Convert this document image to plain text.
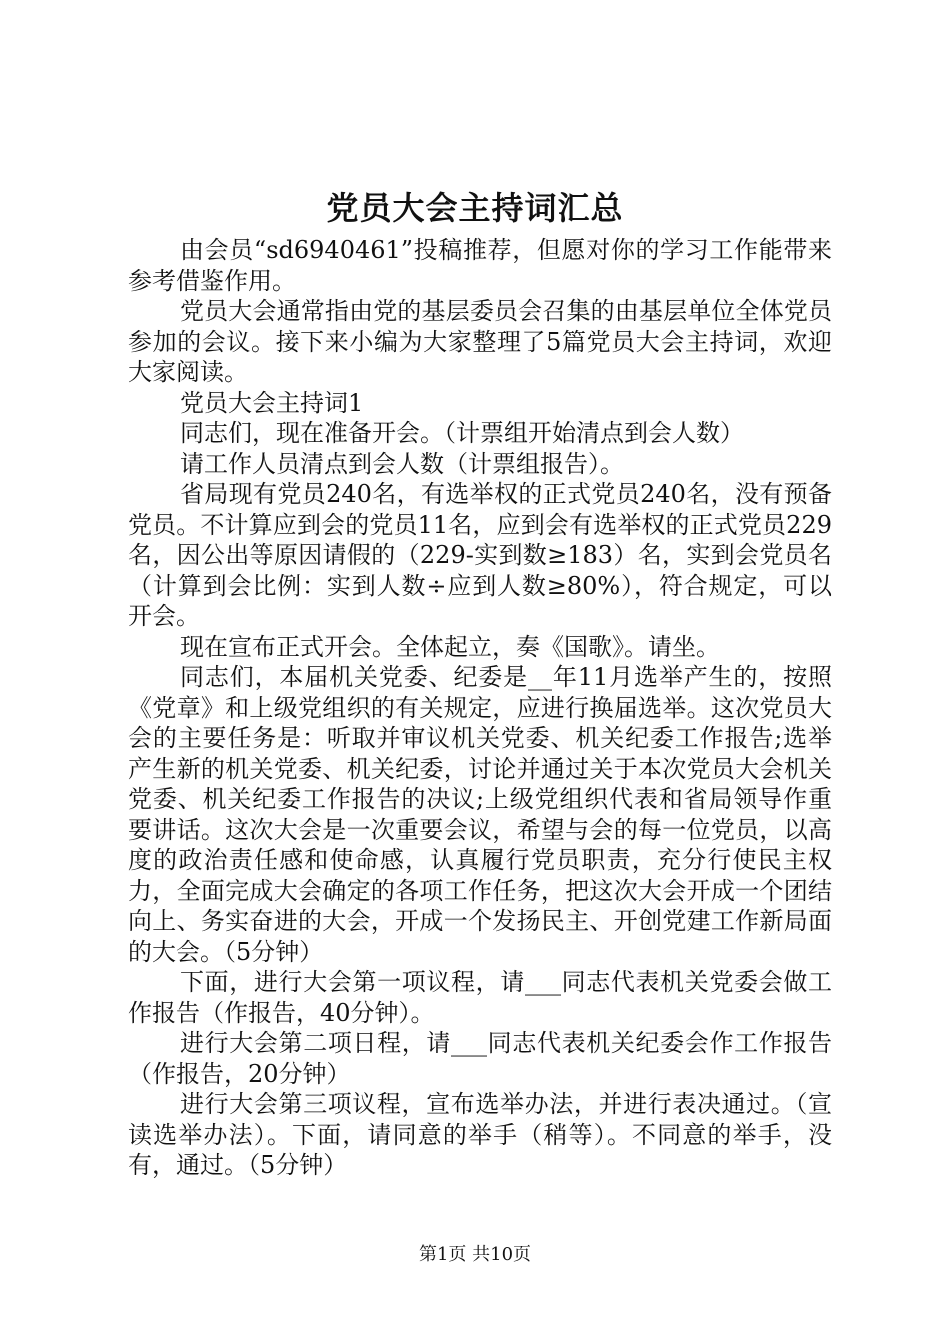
党员大会主持词汇总

由会员“sd6940461”投稿推荐，但愿对你的学习工作能带来参考借鉴作用。

党员大会通常指由党的基层委员会召集的由基层单位全体党员参加的会议。接下来小编为大家整理了5篇党员大会主持词，欢迎大家阅读。

党员大会主持词1

同志们，现在准备开会。（计票组开始清点到会人数）

请工作人员清点到会人数（计票组报告）。

省局现有党员240名，有选举权的正式党员240名，没有预备党员。不计算应到会的党员11名，应到会有选举权的正式党员229名，因公出等原因请假的（229-实到数≥183）名，实到会党员名（计算到会比例：实到人数÷应到人数≥80%），符合规定，可以开会。

现在宣布正式开会。全体起立，奏《国歌》。请坐。

同志们，本届机关党委、纪委是__年11月选举产生的，按照《党章》和上级党组织的有关规定，应进行换届选举。这次党员大会的主要任务是：听取并审议机关党委、机关纪委工作报告;选举产生新的机关党委、机关纪委，讨论并通过关于本次党员大会机关党委、机关纪委工作报告的决议;上级党组织代表和省局领导作重要讲话。这次大会是一次重要会议，希望与会的每一位党员，以高度的政治责任感和使命感，认真履行党员职责，充分行使民主权力，全面完成大会确定的各项工作任务，把这次大会开成一个团结向上、务实奋进的大会，开成一个发扬民主、开创党建工作新局面的大会。（5分钟）

下面，进行大会第一项议程，请___同志代表机关党委会做工作报告（作报告，40分钟）。

进行大会第二项日程，请___同志代表机关纪委会作工作报告（作报告，20分钟）

进行大会第三项议程，宣布选举办法，并进行表决通过。（宣读选举办法）。下面，请同意的举手（稍等）。不同意的举手，没有，通过。（5分钟）

第1页 共10页
